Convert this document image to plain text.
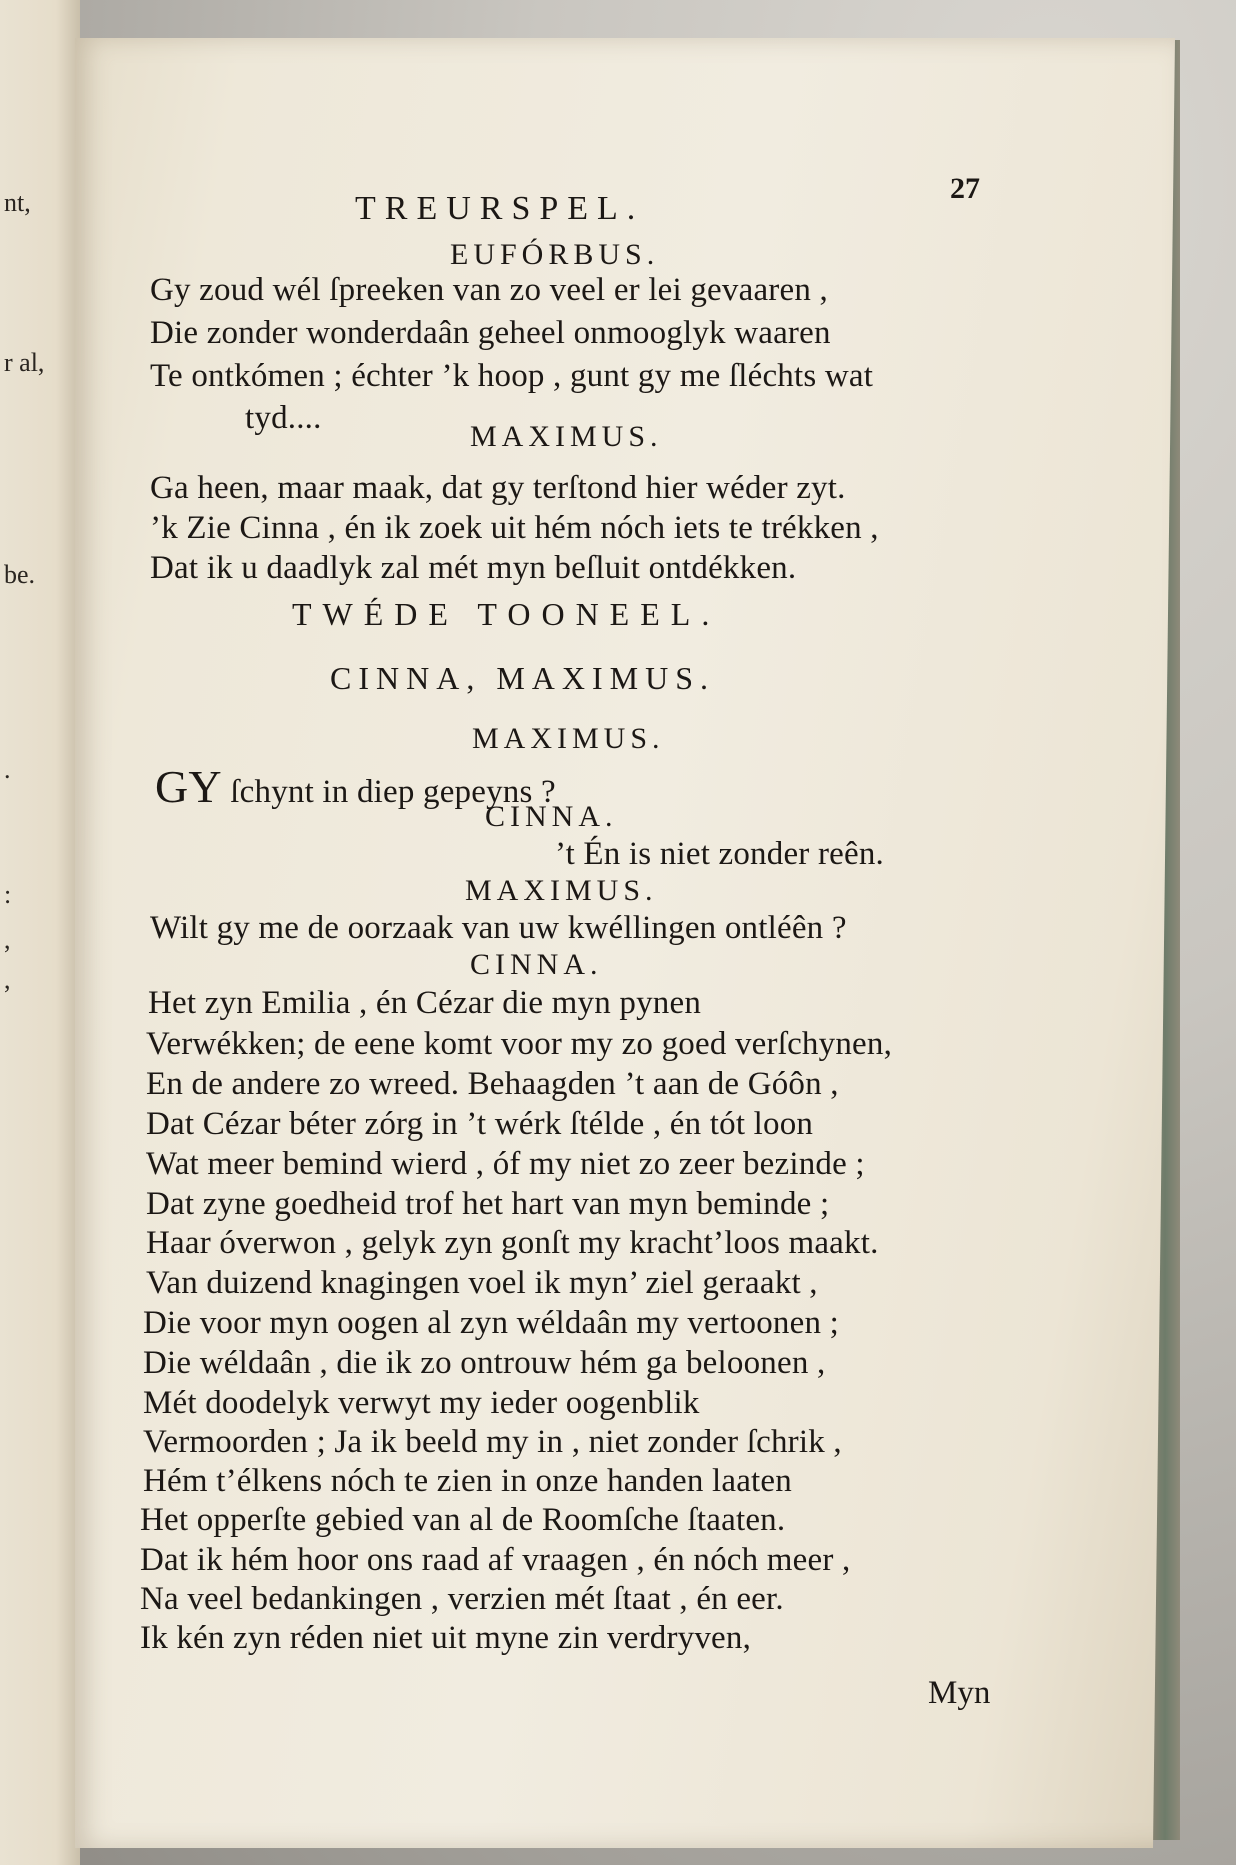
nt,
r al,
be.
.
:
,
,
TREURSPEL.
27
EUFÓRBUS.
Gy zoud wél ſpreeken van zo veel er lei gevaaren ,
Die zonder wonderdaân geheel onmooglyk waaren
Te ontkómen ; échter ’k hoop , gunt gy me ſléchts wat
tyd....
MAXIMUS.
Ga heen, maar maak, dat gy terſtond hier wéder zyt.
’k Zie Cinna , én ik zoek uit hém nóch iets te trékken ,
Dat ik u daadlyk zal mét myn beſluit ontdékken.
TWÉDE TOONEEL.
CINNA, MAXIMUS.
MAXIMUS.
GY ſchynt in diep gepeyns ?
CINNA.
’t Én is niet zonder reên.
MAXIMUS.
Wilt gy me de oorzaak van uw kwéllingen ontléên ?
CINNA.
Het zyn Emilia , én Cézar die myn pynen
Verwékken; de eene komt voor my zo goed verſchynen,
En de andere zo wreed. Behaagden ’t aan de Góôn ,
Dat Cézar béter zórg in ’t wérk ſtélde , én tót loon
Wat meer bemind wierd , óf my niet zo zeer bezinde ;
Dat zyne goedheid trof het hart van myn beminde ;
Haar óverwon , gelyk zyn gonſt my kracht’loos maakt.
Van duizend knagingen voel ik myn’ ziel geraakt ,
Die voor myn oogen al zyn wéldaân my vertoonen ;
Die wéldaân , die ik zo ontrouw hém ga beloonen ,
Mét doodelyk verwyt my ieder oogenblik
Vermoorden ; Ja ik beeld my in , niet zonder ſchrik ,
Hém t’élkens nóch te zien in onze handen laaten
Het opperſte gebied van al de Roomſche ſtaaten.
Dat ik hém hoor ons raad af vraagen , én nóch meer ,
Na veel bedankingen , verzien mét ſtaat , én eer.
Ik kén zyn réden niet uit myne zin verdryven,
Myn
